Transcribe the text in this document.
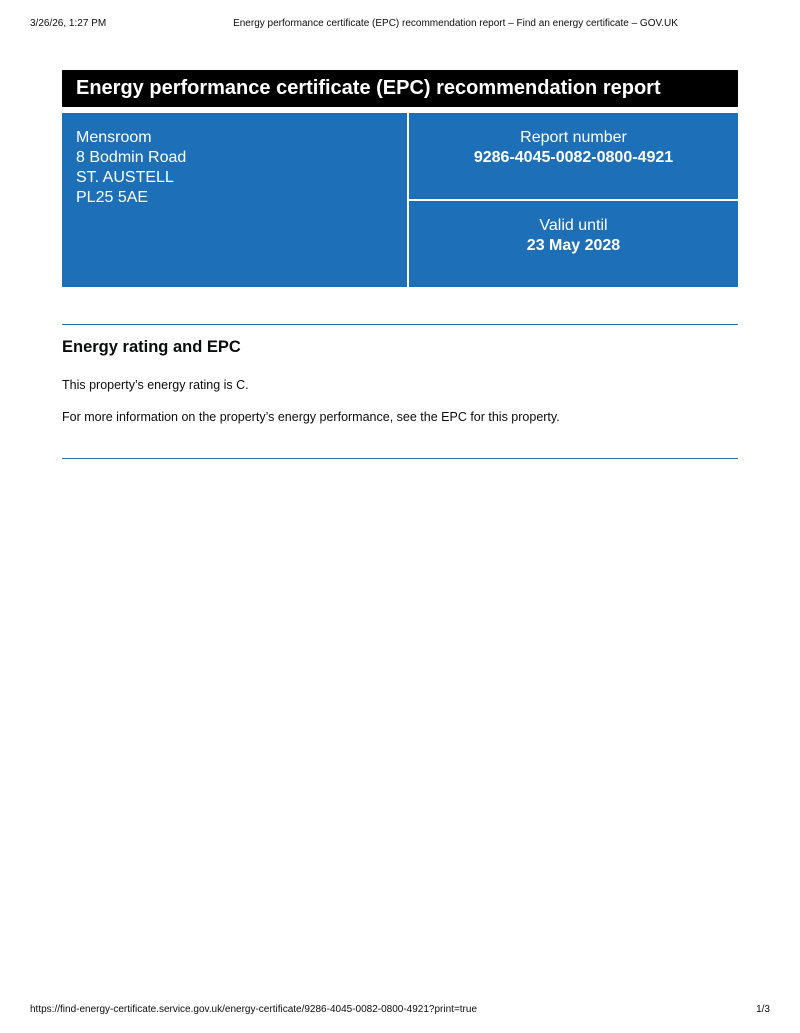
3/26/26, 1:27 PM	Energy performance certificate (EPC) recommendation report – Find an energy certificate – GOV.UK
Energy performance certificate (EPC) recommendation report
Mensroom
8 Bodmin Road
ST. AUSTELL
PL25 5AE
Report number
9286-4045-0082-0800-4921
Valid until
23 May 2028
Energy rating and EPC

This property’s energy rating is C.

For more information on the property’s energy performance, see the EPC for this property.

https://find-energy-certificate.service.gov.uk/energy-certificate/9286-4045-0082-0800-4921?print=true	1/3
